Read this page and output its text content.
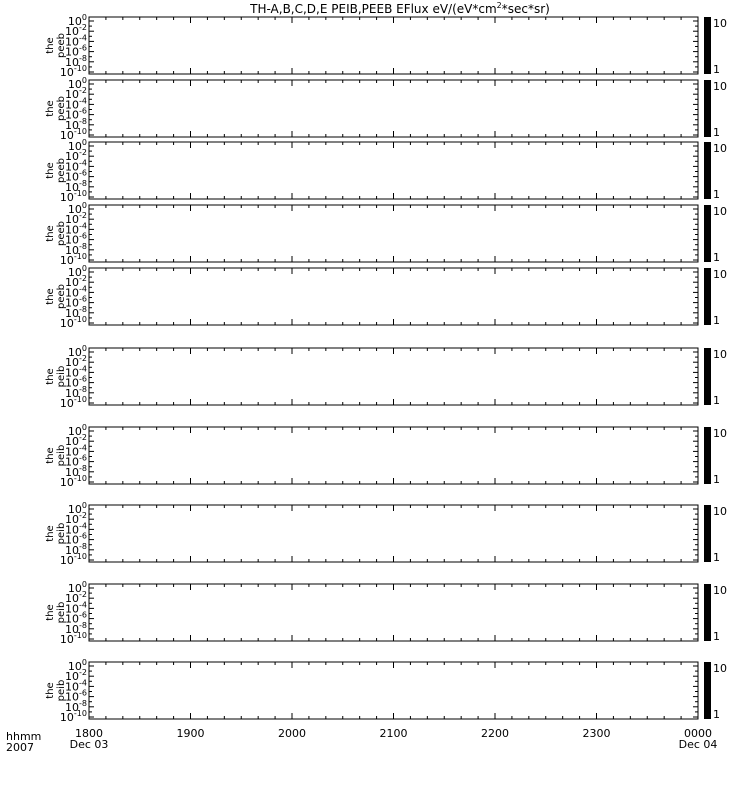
TH-A,B,C,D,E PEIB,PEEB EFlux $eV/(eV*cm^2*\sec*sr)$
10
1
$10^0$
$10^{-2}$
$10^{-4}$
$10^{-6}$
$10^{-8}$
$10^{-10}$
thepeeb
10
1
$10^0$
$10^{-2}$
$10^{-4}$
$10^{-6}$
$10^{-8}$
$10^{-10}$
thepeeb
10
1
$10^0$
$10^{-2}$
$10^{-4}$
$10^{-6}$
$10^{-8}$
$10^{-10}$
thepeeb
10
1
$10^0$
$10^{-2}$
$10^{-4}$
$10^{-6}$
$10^{-8}$
$10^{-10}$
thepeeb
10
1
$10^0$
$10^{-2}$
$10^{-4}$
$10^{-6}$
$10^{-8}$
$10^{-10}$
thepeeb
10
1
$10^0$
$10^{-2}$
$10^{-4}$
$10^{-6}$
$10^{-8}$
$10^{-10}$
thepeib
10
1
$10^0$
$10^{-2}$
$10^{-4}$
$10^{-6}$
$10^{-8}$
$10^{-10}$
thepeib
10
1
$10^0$
$10^{-2}$
$10^{-4}$
$10^{-6}$
$10^{-8}$
$10^{-10}$
thepeib
10
1
$10^0$
$10^{-2}$
$10^{-4}$
$10^{-6}$
$10^{-8}$
$10^{-10}$
thepeib
10
1
$10^0$
$10^{-2}$
$10^{-4}$
$10^{-6}$
$10^{-8}$
$10^{-10}$
thepeib
hhmm
2007
1800	1900	2000	2100	2200	2300	0000
Dec 03	Dec 04
